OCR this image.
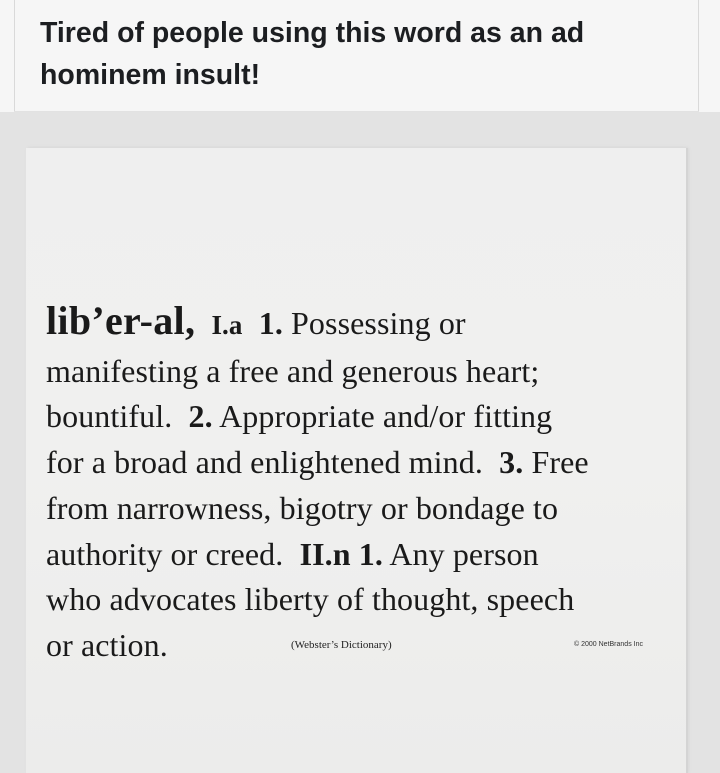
Tired of people using this word as an ad hominem insult!

lib’er-al, I.a 1. Possessing or

manifesting a free and generous heart;

bountiful. 2. Appropriate and/or fitting

for a broad and enlightened mind. 3. Free

from narrowness, bigotry or bondage to

authority or creed. II.n 1. Any person

who advocates liberty of thought, speech

or action.	(Webster’s Dictionary)	© 2000 NetBrands Inc
